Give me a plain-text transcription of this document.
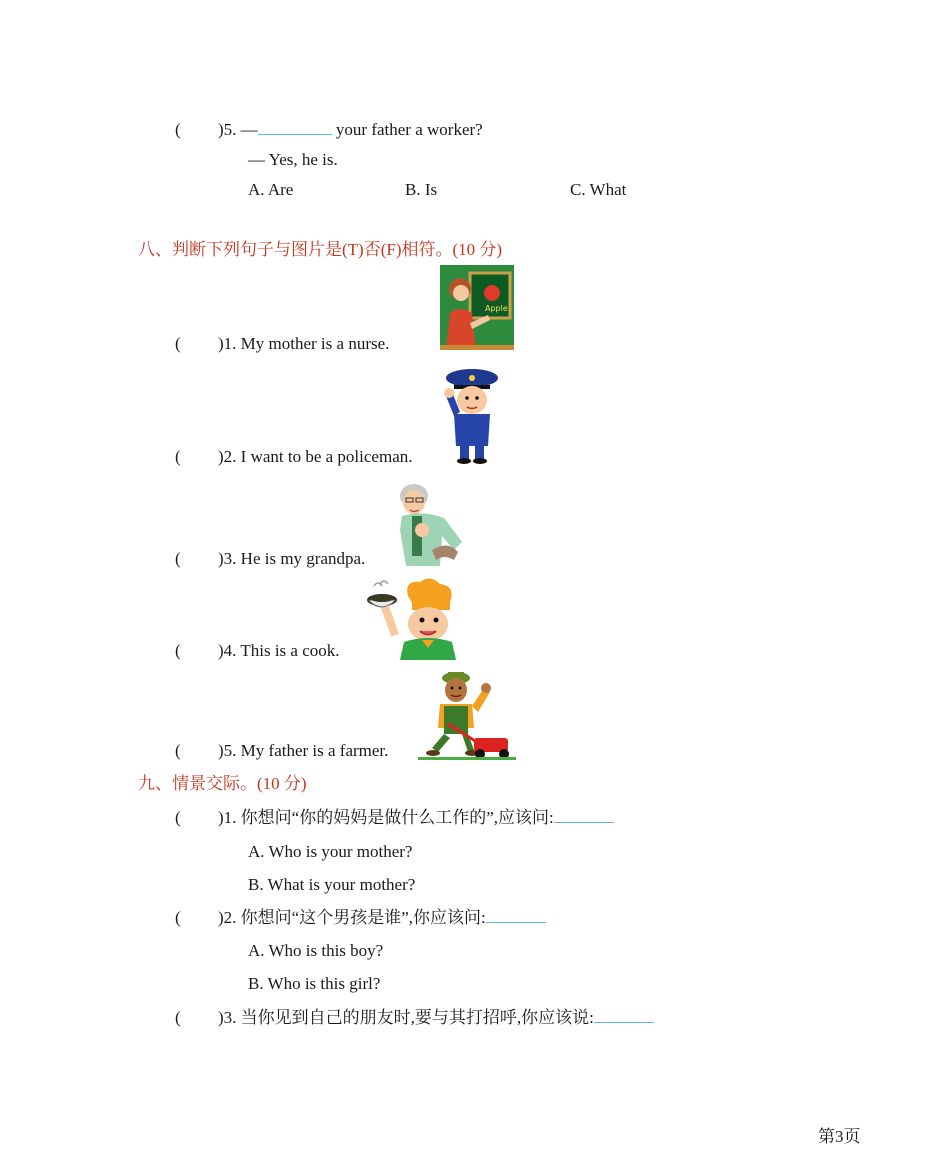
( )5. —	your father a worker?
— Yes, he is.
A. Are	B. Is	C. What
八、判断下列句子与图片是(T)否(F)相符。(10 分)
Apple
( )1. My mother is a nurse.
( )2. I want to be a policeman.
( )3. He is my grandpa.
( )4. This is a cook.
( )5. My father is a farmer.
九、情景交际。(10 分)
( )1. 你想问“你的妈妈是做什么工作的”,应该问:
A. Who is your mother?
B. What is your mother?
( )2. 你想问“这个男孩是谁”,你应该问:
A. Who is this boy?
B. Who is this girl?
( )3. 当你见到自己的朋友时,要与其打招呼,你应该说:
第3页
